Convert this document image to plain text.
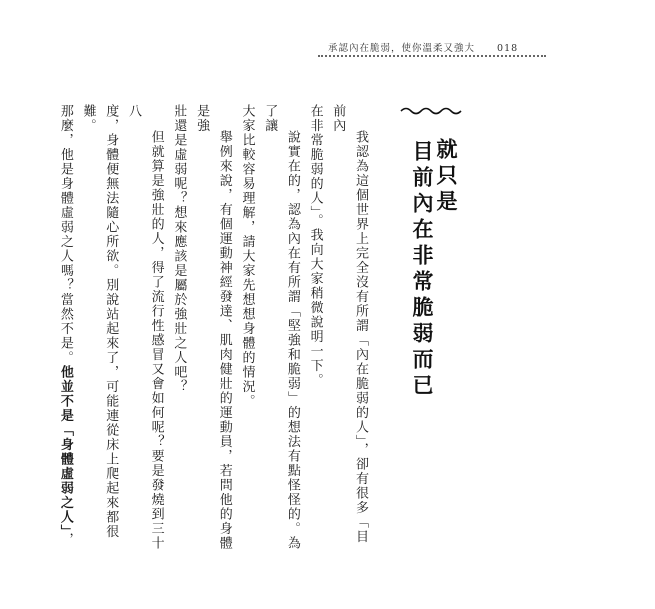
承認內在脆弱，使你溫柔又強大 018
就只是
目前內在非常脆弱而已

我認為這個世界上完全沒有所謂「內在脆弱的人」，卻有很多「目前內

在非常脆弱的人」。我向大家稍微說明一下。

說實在的，認為內在有所謂「堅強和脆弱」的想法有點怪怪的。為了讓

大家比較容易理解，請大家先想想身體的情況。

舉例來說，有個運動神經發達、肌肉健壯的運動員，若問他的身體是強

壯還是虛弱呢？想來應該是屬於強壯之人吧？

但就算是強壯的人，得了流行性感冒又會如何呢？要是發燒到三十八

度，身體便無法隨心所欲。別說站起來了，可能連從床上爬起來都很難。

那麼，他是身體虛弱之人嗎？當然不是。他並不是「身體虛弱之人」，
